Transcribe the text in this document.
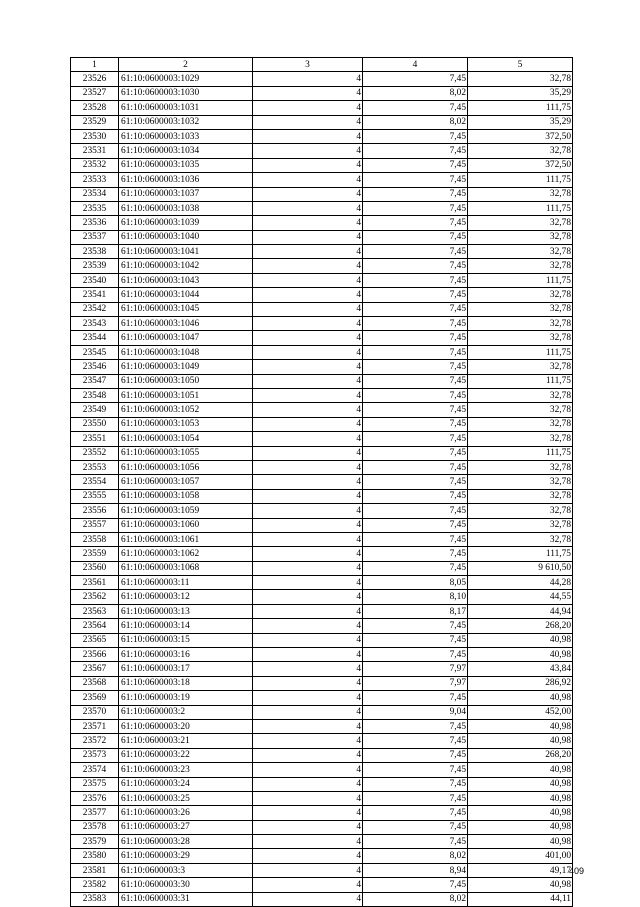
1	2	3	4	5
23526	61:10:0600003:1029	4	7,45	32,78
23527	61:10:0600003:1030	4	8,02	35,29
23528	61:10:0600003:1031	4	7,45	111,75
23529	61:10:0600003:1032	4	8,02	35,29
23530	61:10:0600003:1033	4	7,45	372,50
23531	61:10:0600003:1034	4	7,45	32,78
23532	61:10:0600003:1035	4	7,45	372,50
23533	61:10:0600003:1036	4	7,45	111,75
23534	61:10:0600003:1037	4	7,45	32,78
23535	61:10:0600003:1038	4	7,45	111,75
23536	61:10:0600003:1039	4	7,45	32,78
23537	61:10:0600003:1040	4	7,45	32,78
23538	61:10:0600003:1041	4	7,45	32,78
23539	61:10:0600003:1042	4	7,45	32,78
23540	61:10:0600003:1043	4	7,45	111,75
23541	61:10:0600003:1044	4	7,45	32,78
23542	61:10:0600003:1045	4	7,45	32,78
23543	61:10:0600003:1046	4	7,45	32,78
23544	61:10:0600003:1047	4	7,45	32,78
23545	61:10:0600003:1048	4	7,45	111,75
23546	61:10:0600003:1049	4	7,45	32,78
23547	61:10:0600003:1050	4	7,45	111,75
23548	61:10:0600003:1051	4	7,45	32,78
23549	61:10:0600003:1052	4	7,45	32,78
23550	61:10:0600003:1053	4	7,45	32,78
23551	61:10:0600003:1054	4	7,45	32,78
23552	61:10:0600003:1055	4	7,45	111,75
23553	61:10:0600003:1056	4	7,45	32,78
23554	61:10:0600003:1057	4	7,45	32,78
23555	61:10:0600003:1058	4	7,45	32,78
23556	61:10:0600003:1059	4	7,45	32,78
23557	61:10:0600003:1060	4	7,45	32,78
23558	61:10:0600003:1061	4	7,45	32,78
23559	61:10:0600003:1062	4	7,45	111,75
23560	61:10:0600003:1068	4	7,45	9 610,50
23561	61:10:0600003:11	4	8,05	44,28
23562	61:10:0600003:12	4	8,10	44,55
23563	61:10:0600003:13	4	8,17	44,94
23564	61:10:0600003:14	4	7,45	268,20
23565	61:10:0600003:15	4	7,45	40,98
23566	61:10:0600003:16	4	7,45	40,98
23567	61:10:0600003:17	4	7,97	43,84
23568	61:10:0600003:18	4	7,97	286,92
23569	61:10:0600003:19	4	7,45	40,98
23570	61:10:0600003:2	4	9,04	452,00
23571	61:10:0600003:20	4	7,45	40,98
23572	61:10:0600003:21	4	7,45	40,98
23573	61:10:0600003:22	4	7,45	268,20
23574	61:10:0600003:23	4	7,45	40,98
23575	61:10:0600003:24	4	7,45	40,98
23576	61:10:0600003:25	4	7,45	40,98
23577	61:10:0600003:26	4	7,45	40,98
23578	61:10:0600003:27	4	7,45	40,98
23579	61:10:0600003:28	4	7,45	40,98
23580	61:10:0600003:29	4	8,02	401,00
23581	61:10:0600003:3	4	8,94	49,17
23582	61:10:0600003:30	4	7,45	40,98
23583	61:10:0600003:31	4	8,02	44,11
409
